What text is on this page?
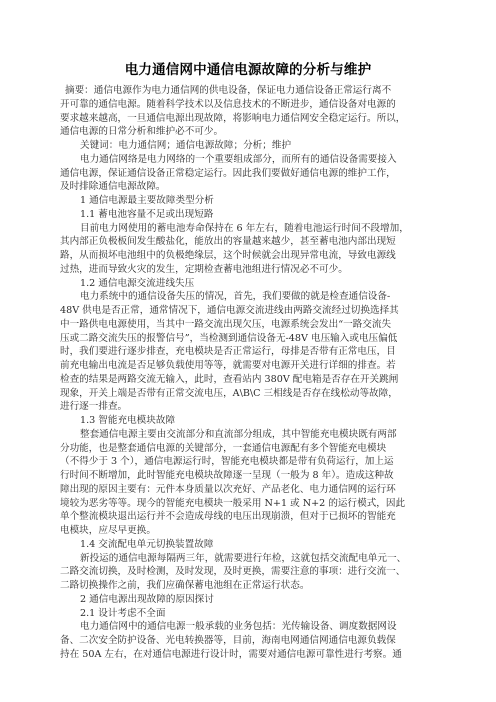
电力通信网中通信电源故障的分析与维护

摘要：通信电源作为电力通信网的供电设备，保证电力通信设备正常运行离不

开可靠的通信电源。随着科学技术以及信息技术的不断进步，通信设备对电源的

要求越来越高，一旦通信电源出现故障，将影响电力通信网安全稳定运行。所以，

通信电源的日常分析和维护必不可少。

关键词：电力通信网；通信电源故障；分析；维护

电力通信网络是电力网络的一个重要组成部分，而所有的通信设备需要接入

通信电源，保证通信设备正常稳定运行。因此我们要做好通信电源的维护工作，

及时排除通信电源故障。

1 通信电源最主要故障类型分析

1.1 蓄电池容量不足或出现短路

目前电力网使用的蓄电池寿命保持在 6 年左右，随着电池运行时间不段增加，

其内部正负极板间发生酸盐化，能放出的容量越来越少，甚至蓄电池内部出现短

路，从而损坏电池组中的负极绝缘层，这个时候就会出现异常电流，导致电源线

过热，进而导致火灾的发生，定期检查蓄电池组进行情况必不可少。

1.2 通信电源交流进线失压

电力系统中的通信设备失压的情况，首先，我们要做的就是检查通信设备-

48V 供电是否正常，通常情况下，通信电源交流进线由两路交流经过切换选择其

中一路供电电源使用，当其中一路交流出现欠压，电源系统会发出“一路交流失

压或二路交流失压的报警信号”，当检测到通信设备无-48V 电压输入或电压偏低

时，我们要进行逐步排查，充电模块是否正常运行，母排是否带有正常电压，目

前充电输出电流是否足够负载使用等等，就需要对电源开关进行详细的排查。若

检查的结果是两路交流无输入，此时，查看站内 380V 配电箱是否存在开关跳闸

现象，开关上端是否带有正常交流电压，A\B\C 三相线是否存在线松动等故障，

进行逐一排查。

1.3 智能充电模块故障

整套通信电源主要由交流部分和直流部分组成，其中智能充电模块既有两部

分功能，也是整套通信电源的关键部分，一套通信电源配有多个智能充电模块

（不得少于 3 个），通信电源运行时，智能充电模块都是带有负荷运行，加上运

行时间不断增加，此时智能充电模块故障逐一呈现（一般为 8 年）。造成这种故

障出现的原因主要有：元件本身质量以次充好、产品老化、电力通信网的运行环

境较为恶劣等等。现今的智能充电模块一般采用 N+1 或 N+2 的运行模式，因此

单个整流模块退出运行并不会造成母线的电压出现崩溃，但对于已损坏的智能充

电模块，应尽早更换。

1.4 交流配电单元切换装置故障

新投运的通信电源每隔两三年，就需要进行年检，这就包括交流配电单元一、

二路交流切换，及时检测，及时发现，及时更换，需要注意的事项：进行交流一、

二路切换操作之前，我们应确保蓄电池组在正常运行状态。

2 通信电源出现故障的原因探讨

2.1 设计考虑不全面

电力通信网中的通信电源一般承载的业务包括：光传输设备、调度数据网设

备、二次安全防护设备、光电转换器等，目前，海南电网通信网通信电源负载保

持在 50A 左右，在对通信电源进行设计时，需要对通信电源可靠性进行考察。通
